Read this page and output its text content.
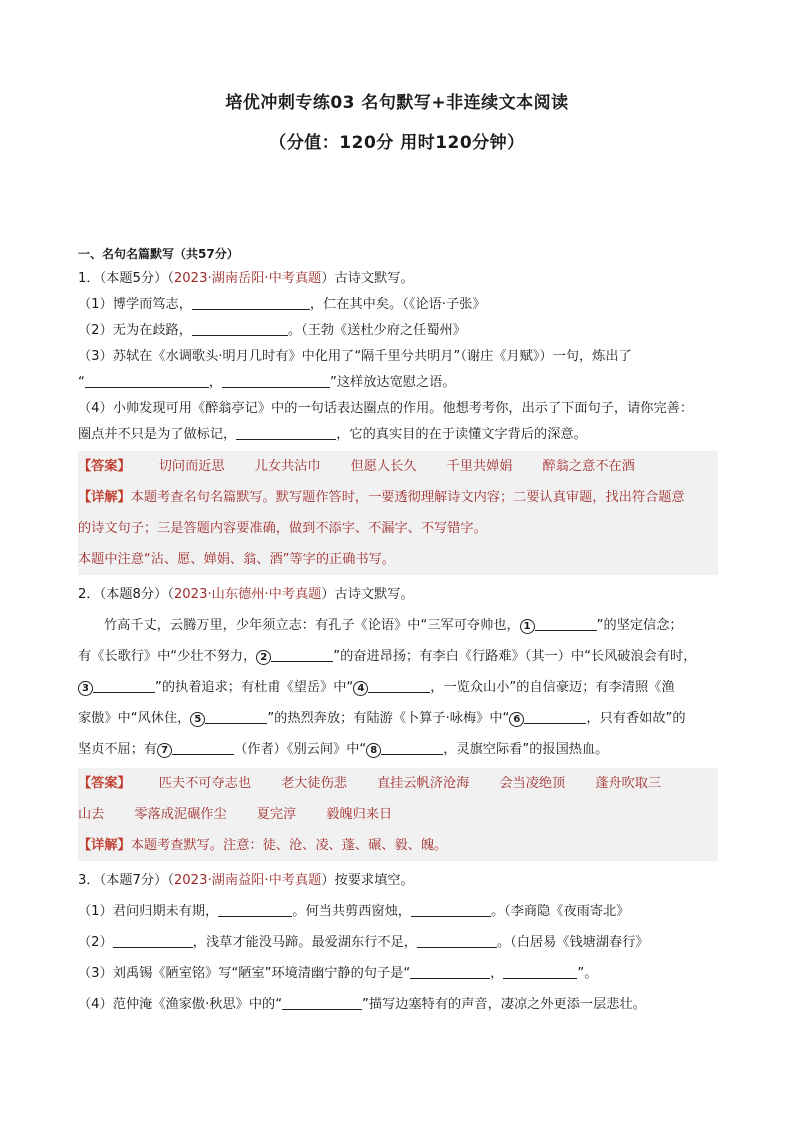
培优冲刺专练03 名句默写+非连续文本阅读
（分值：120分 用时120分钟）
一、名句名篇默写（共57分）
1．（本题5分）（2023·湖南岳阳·中考真题）古诗文默写。
（1）博学而笃志，	，仁在其中矣。（《论语·子张》
（2）无为在歧路，	。（王勃《送杜少府之任蜀州》
（3）苏轼在《水调歌头·明月几时有》中化用了“隔千里兮共明月”（谢庄《月赋》）一句，炼出了
“	，	”这样放达宽慰之语。
（4）小帅发现可用《醉翁亭记》中的一句话表达圈点的作用。他想考考你，出示了下面句子，请你完善：
圈点并不只是为了做标记，	，它的真实目的在于读懂文字背后的深意。
【答案】 切问而近思 儿女共沾巾 但愿人长久 千里共婵娟 醉翁之意不在酒
【详解】本题考查名句名篇默写。默写题作答时，一要透彻理解诗文内容；二要认真审题，找出符合题意
的诗文句子；三是答题内容要准确，做到不添字、不漏字、不写错字。
本题中注意“沾、愿、婵娟、翁、酒”等字的正确书写。
2．（本题8分）（2023·山东德州·中考真题）古诗文默写。
竹高千丈，云腾万里，少年须立志：有孔子《论语》中“三军可夺帅也， 1	”的坚定信念；
有《长歌行》中“少壮不努力， 2	”的奋进昂扬；有李白《行路难》（其一）中“长风破浪会有时，
3	”的执着追求；有杜甫《望岳》中“ 4	，一览众山小”的自信豪迈；有李清照《渔
家傲》中“风休住， 5	”的热烈奔放；有陆游《卜算子·咏梅》中“ 6	，只有香如故”的
坚贞不屈；有 7	（作者）《别云间》中“ 8	，灵旗空际看”的报国热血。
【答案】 匹夫不可夺志也 老大徒伤悲 直挂云帆济沧海 会当凌绝顶 蓬舟吹取三
山去 零落成泥碾作尘 夏完淳 毅魄归来日
【详解】本题考查默写。注意：徒、沧、凌、蓬、碾、毅、魄。
3．（本题7分）（2023·湖南益阳·中考真题）按要求填空。
（1）君问归期未有期，	。何当共剪西窗烛，	。（李商隐《夜雨寄北》
（2）	，浅草才能没马蹄。最爱湖东行不足，	。（白居易《钱塘湖春行》
（3）刘禹锡《陋室铭》写“陋室”环境清幽宁静的句子是“	，	”。
（4）范仲淹《渔家傲·秋思》中的“	”描写边塞特有的声音，凄凉之外更添一层悲壮。
